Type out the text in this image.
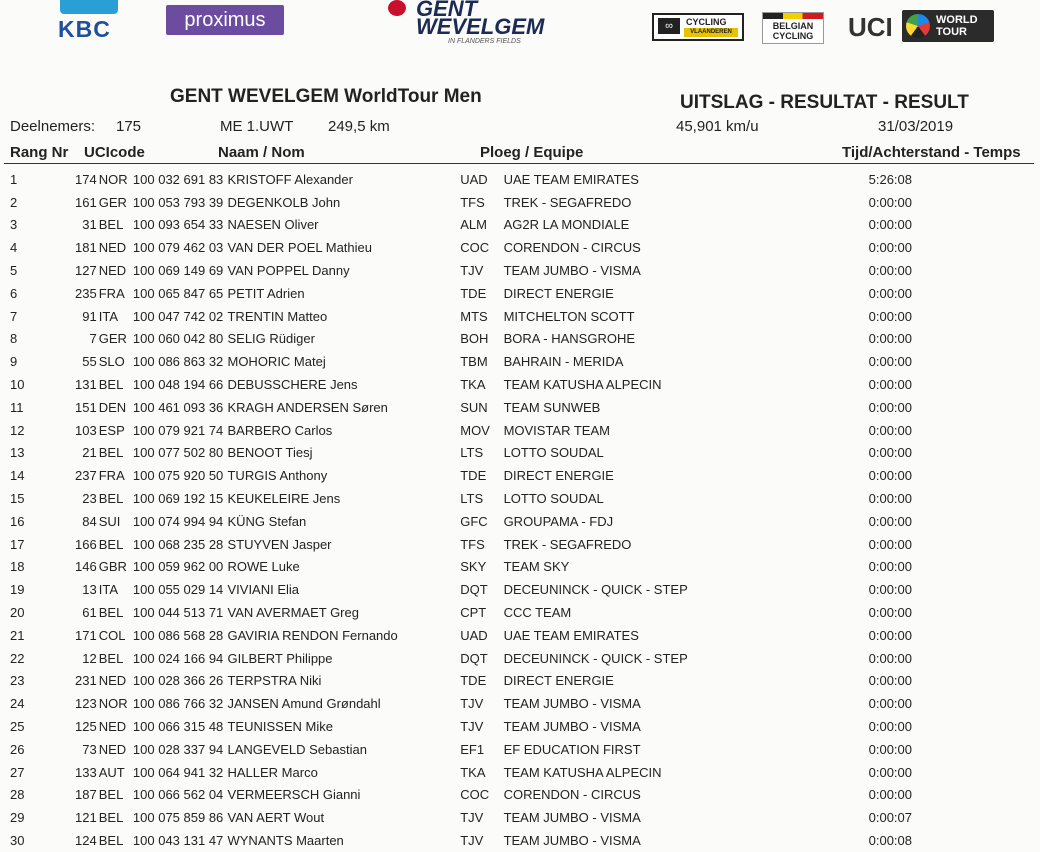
KBC	proximus	GENT
WEVELGEM
IN FLANDERS FIELDS
∞	CYCLING
VLAANDEREN
BELGIAN
CYCLING	UCI	WORLD
TOUR
GENT WEVELGEM WorldTour Men	UITSLAG - RESULTAT - RESULT
Deelnemers: 175	ME 1.UWT 249,5 km	45,901 km/u	31/03/2019
Rang Nr UCIcode	Naam / Nom	Ploeg / Equipe	Tijd/Achterstand - Temps
1	174	NOR	100 032 691 83	KRISTOFF Alexander	UAD	UAE TEAM EMIRATES	5:26:08
2	161	GER	100 053 793 39	DEGENKOLB John	TFS	TREK - SEGAFREDO	0:00:00
3	31	BEL	100 093 654 33	NAESEN Oliver	ALM	AG2R LA MONDIALE	0:00:00
4	181	NED	100 079 462 03	VAN DER POEL Mathieu	COC	CORENDON - CIRCUS	0:00:00
5	127	NED	100 069 149 69	VAN POPPEL Danny	TJV	TEAM JUMBO - VISMA	0:00:00
6	235	FRA	100 065 847 65	PETIT Adrien	TDE	DIRECT ENERGIE	0:00:00
7	91	ITA	100 047 742 02	TRENTIN Matteo	MTS	MITCHELTON SCOTT	0:00:00
8	7	GER	100 060 042 80	SELIG Rüdiger	BOH	BORA - HANSGROHE	0:00:00
9	55	SLO	100 086 863 32	MOHORIC Matej	TBM	BAHRAIN - MERIDA	0:00:00
10	131	BEL	100 048 194 66	DEBUSSCHERE Jens	TKA	TEAM KATUSHA ALPECIN	0:00:00
11	151	DEN	100 461 093 36	KRAGH ANDERSEN Søren	SUN	TEAM SUNWEB	0:00:00
12	103	ESP	100 079 921 74	BARBERO Carlos	MOV	MOVISTAR TEAM	0:00:00
13	21	BEL	100 077 502 80	BENOOT Tiesj	LTS	LOTTO SOUDAL	0:00:00
14	237	FRA	100 075 920 50	TURGIS Anthony	TDE	DIRECT ENERGIE	0:00:00
15	23	BEL	100 069 192 15	KEUKELEIRE Jens	LTS	LOTTO SOUDAL	0:00:00
16	84	SUI	100 074 994 94	KÜNG Stefan	GFC	GROUPAMA - FDJ	0:00:00
17	166	BEL	100 068 235 28	STUYVEN Jasper	TFS	TREK - SEGAFREDO	0:00:00
18	146	GBR	100 059 962 00	ROWE Luke	SKY	TEAM SKY	0:00:00
19	13	ITA	100 055 029 14	VIVIANI Elia	DQT	DECEUNINCK - QUICK - STEP	0:00:00
20	61	BEL	100 044 513 71	VAN AVERMAET Greg	CPT	CCC TEAM	0:00:00
21	171	COL	100 086 568 28	GAVIRIA RENDON Fernando	UAD	UAE TEAM EMIRATES	0:00:00
22	12	BEL	100 024 166 94	GILBERT Philippe	DQT	DECEUNINCK - QUICK - STEP	0:00:00
23	231	NED	100 028 366 26	TERPSTRA Niki	TDE	DIRECT ENERGIE	0:00:00
24	123	NOR	100 086 766 32	JANSEN Amund Grøndahl	TJV	TEAM JUMBO - VISMA	0:00:00
25	125	NED	100 066 315 48	TEUNISSEN Mike	TJV	TEAM JUMBO - VISMA	0:00:00
26	73	NED	100 028 337 94	LANGEVELD Sebastian	EF1	EF EDUCATION FIRST	0:00:00
27	133	AUT	100 064 941 32	HALLER Marco	TKA	TEAM KATUSHA ALPECIN	0:00:00
28	187	BEL	100 066 562 04	VERMEERSCH Gianni	COC	CORENDON - CIRCUS	0:00:00
29	121	BEL	100 075 859 86	VAN AERT Wout	TJV	TEAM JUMBO - VISMA	0:00:07
30	124	BEL	100 043 131 47	WYNANTS Maarten	TJV	TEAM JUMBO - VISMA	0:00:08
